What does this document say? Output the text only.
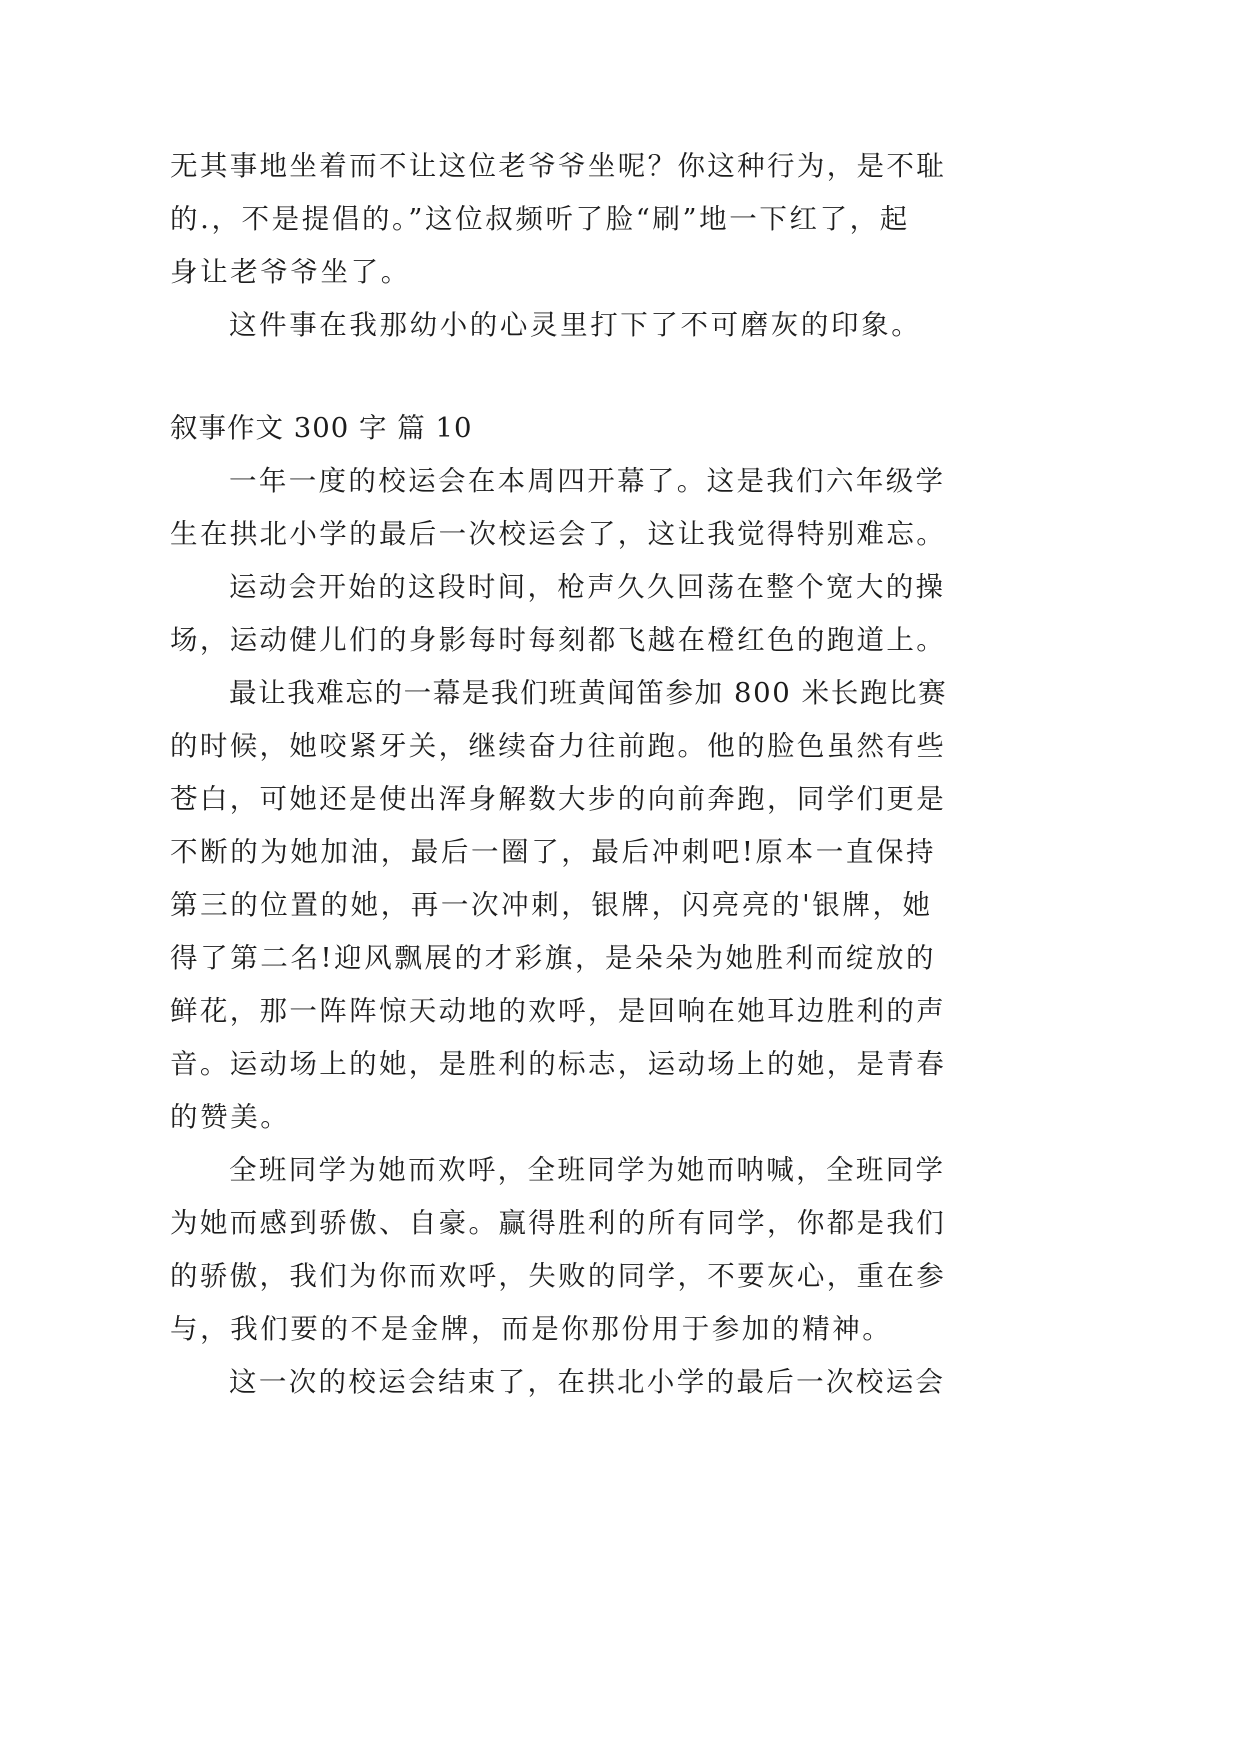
无其事地坐着而不让这位老爷爷坐呢？你这种行为，是不耻
的.，不是提倡的。”这位叔频听了脸“刷”地一下红了，起
身让老爷爷坐了。
这件事在我那幼小的心灵里打下了不可磨灰的印象。
叙事作文 300 字 篇 10
一年一度的校运会在本周四开幕了。这是我们六年级学
生在拱北小学的最后一次校运会了，这让我觉得特别难忘。
运动会开始的这段时间，枪声久久回荡在整个宽大的操
场，运动健儿们的身影每时每刻都飞越在橙红色的跑道上。
最让我难忘的一幕是我们班黄闻笛参加 800 米长跑比赛
的时候，她咬紧牙关，继续奋力往前跑。他的脸色虽然有些
苍白，可她还是使出浑身解数大步的向前奔跑，同学们更是
不断的为她加油，最后一圈了，最后冲刺吧!原本一直保持
第三的位置的她，再一次冲刺，银牌，闪亮亮的'银牌，她
得了第二名!迎风飘展的才彩旗，是朵朵为她胜利而绽放的
鲜花，那一阵阵惊天动地的欢呼，是回响在她耳边胜利的声
音。运动场上的她，是胜利的标志，运动场上的她，是青春
的赞美。
全班同学为她而欢呼，全班同学为她而呐喊，全班同学
为她而感到骄傲、自豪。赢得胜利的所有同学，你都是我们
的骄傲，我们为你而欢呼，失败的同学，不要灰心，重在参
与，我们要的不是金牌，而是你那份用于参加的精神。
这一次的校运会结束了，在拱北小学的最后一次校运会
